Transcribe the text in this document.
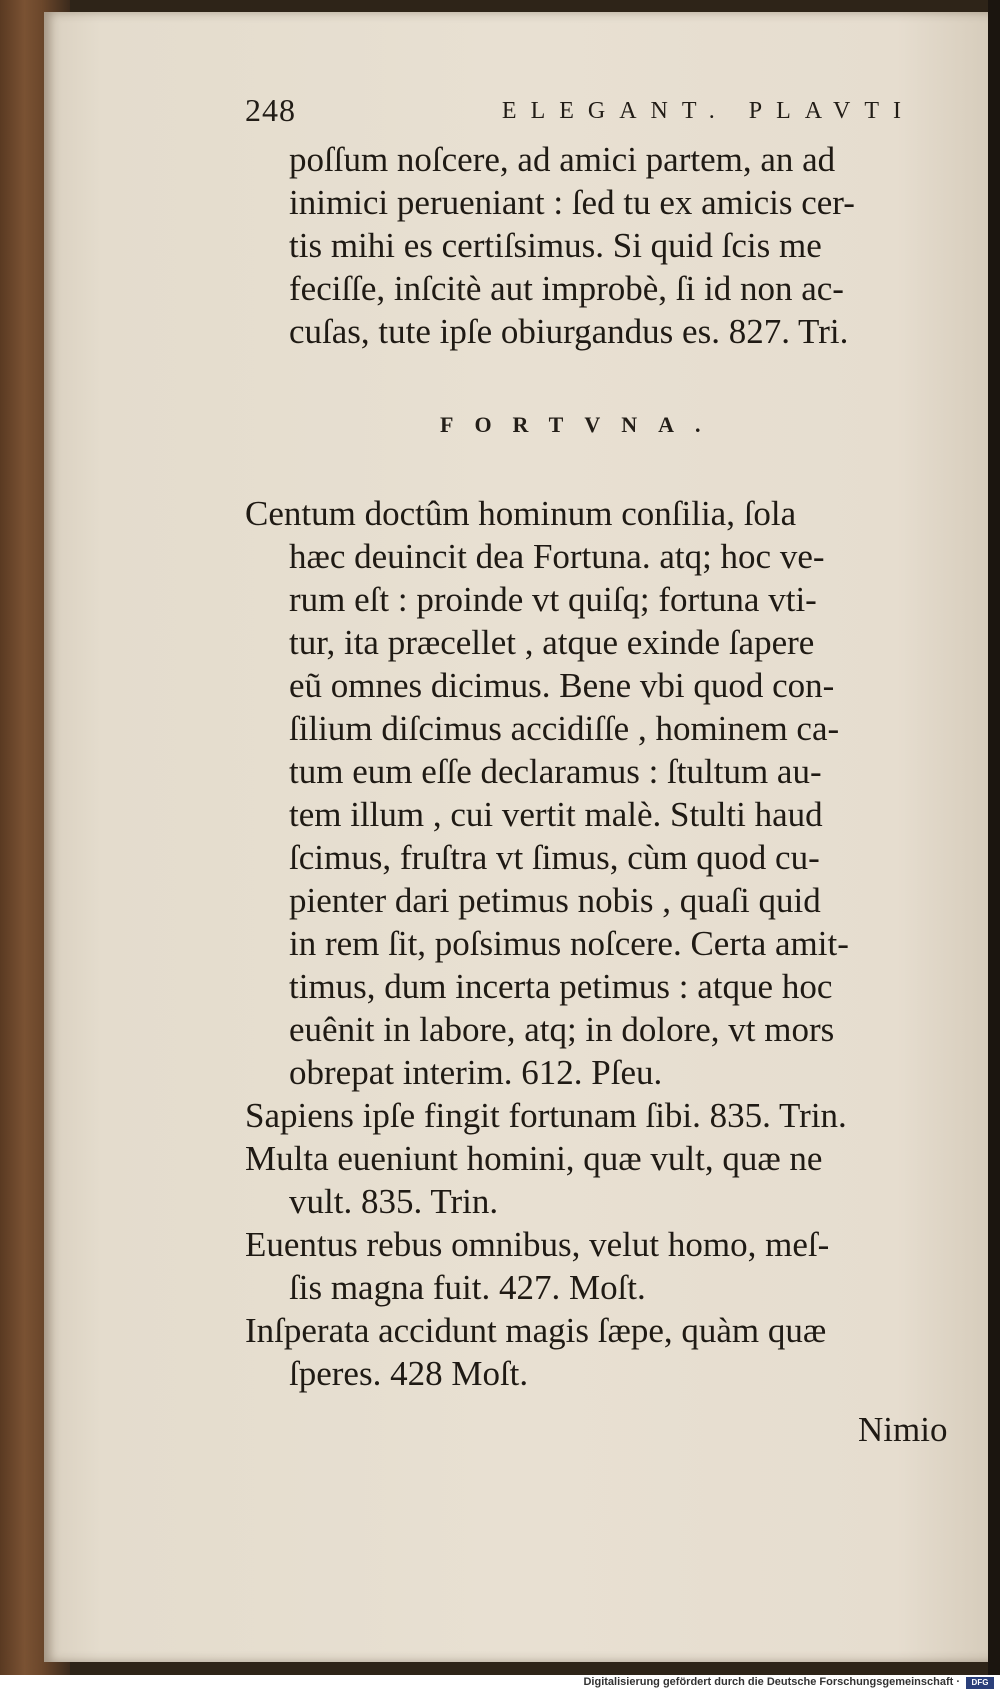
248	ELEGANT. PLAVTI
poſſum noſcere, ad amici partem, an ad
inimici perueniant : ſed tu ex amicis cer-
tis mihi es certiſsimus. Si quid ſcis me
feciſſe, inſcitè aut improbè, ſi id non ac-
cuſas, tute ipſe obiurgandus es. 827. Tri.
FORTVNA.
Centum doctûm hominum conſilia, ſola
hæc deuincit dea Fortuna. atq; hoc ve-
rum eſt : proinde vt quiſq; fortuna vti-
tur, ita præcellet , atque exinde ſapere
eũ omnes dicimus. Bene vbi quod con-
ſilium diſcimus accidiſſe , hominem ca-
tum eum eſſe declaramus : ſtultum au-
tem illum , cui vertit malè. Stulti haud
ſcimus, fruſtra vt ſimus, cùm quod cu-
pienter dari petimus nobis , quaſi quid
in rem ſit, poſsimus noſcere. Certa amit-
timus, dum incerta petimus : atque hoc
euênit in labore, atq; in dolore, vt mors
obrepat interim. 612. Pſeu.
Sapiens ipſe fingit fortunam ſibi. 835. Trin.
Multa eueniunt homini, quæ vult, quæ ne
vult. 835. Trin.
Euentus rebus omnibus, velut homo, meſ-
ſis magna fuit. 427. Moſt.
Inſperata accidunt magis ſæpe, quàm quæ
ſperes. 428 Moſt.
Nimio
Digitalisierung gefördert durch die Deutsche Forschungsgemeinschaft ·	DFG
